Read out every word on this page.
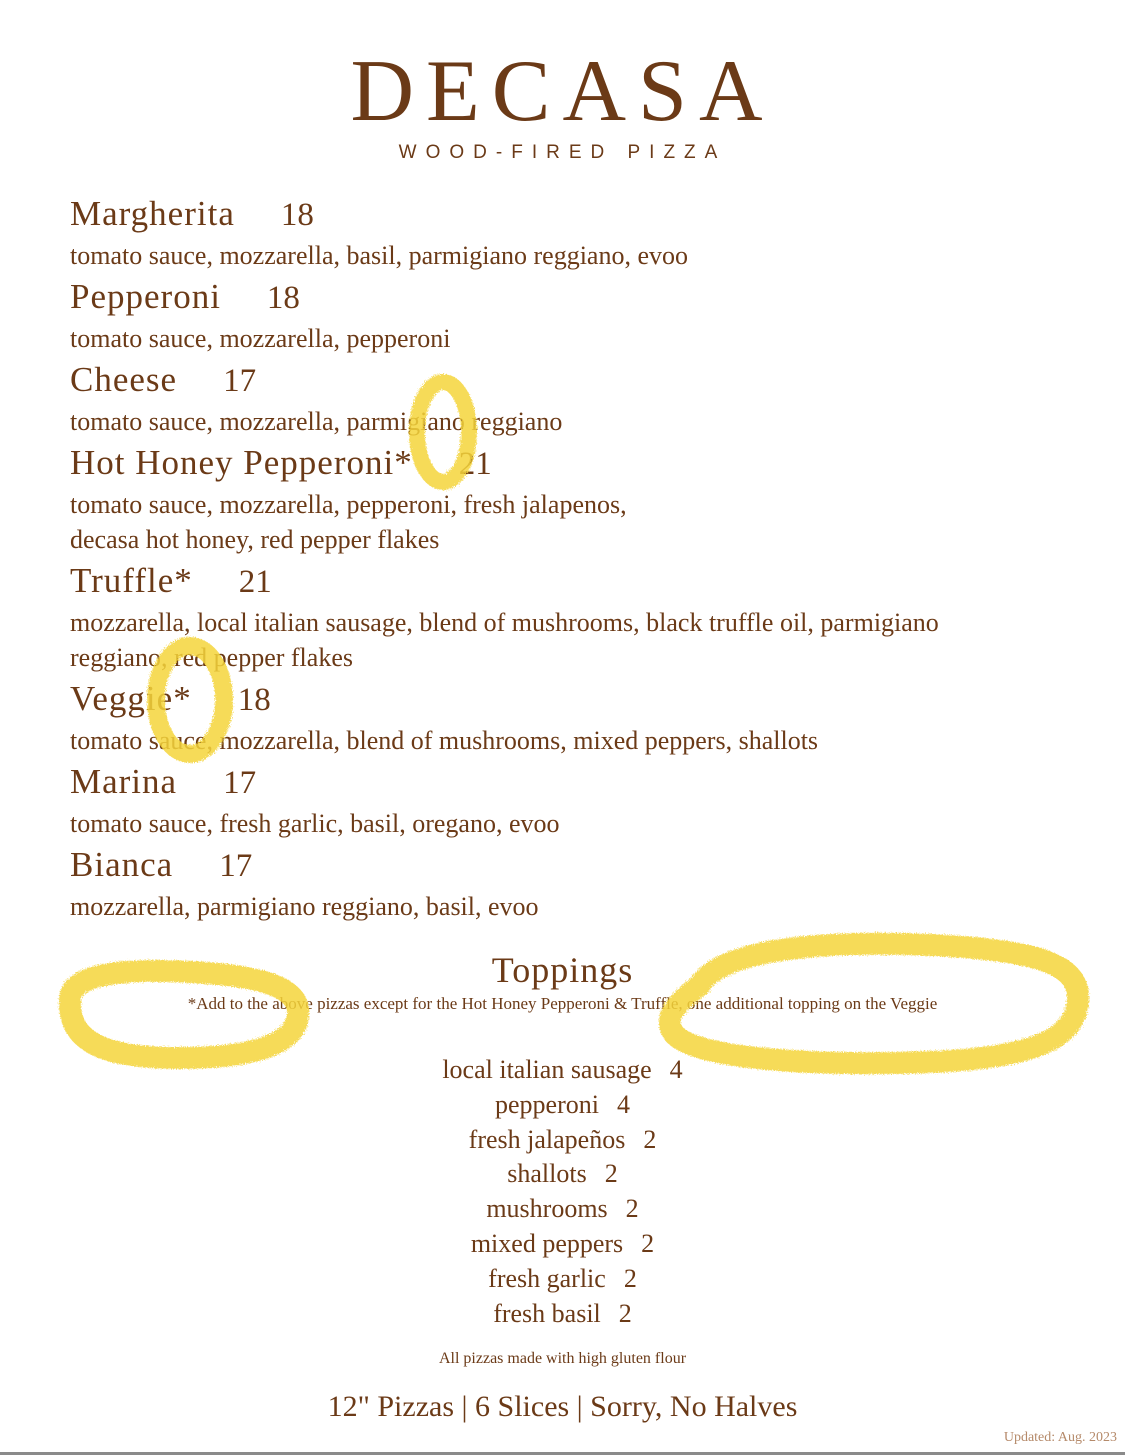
DECASA
WOOD-FIRED PIZZA
Margherita 18
tomato sauce, mozzarella, basil, parmigiano reggiano, evoo
Pepperoni 18
tomato sauce, mozzarella, pepperoni
Cheese 17
tomato sauce, mozzarella, parmigiano reggiano
Hot Honey Pepperoni* 21
tomato sauce, mozzarella, pepperoni, fresh jalapenos,
decasa hot honey, red pepper flakes
Truffle* 21
mozzarella, local italian sausage, blend of mushrooms, black truffle oil, parmigiano
reggiano, red pepper flakes
Veggie* 18
tomato sauce, mozzarella, blend of mushrooms, mixed peppers, shallots
Marina 17
tomato sauce, fresh garlic, basil, oregano, evoo
Bianca 17
mozzarella, parmigiano reggiano, basil, evoo
Toppings
*Add to the above pizzas except for the Hot Honey Pepperoni & Truffle, one additional topping on the Veggie
local italian sausage 4
pepperoni 4
fresh jalapeños 2
shallots 2
mushrooms 2
mixed peppers 2
fresh garlic 2
fresh basil 2
All pizzas made with high gluten flour
12" Pizzas | 6 Slices | Sorry, No Halves
Updated: Aug. 2023
